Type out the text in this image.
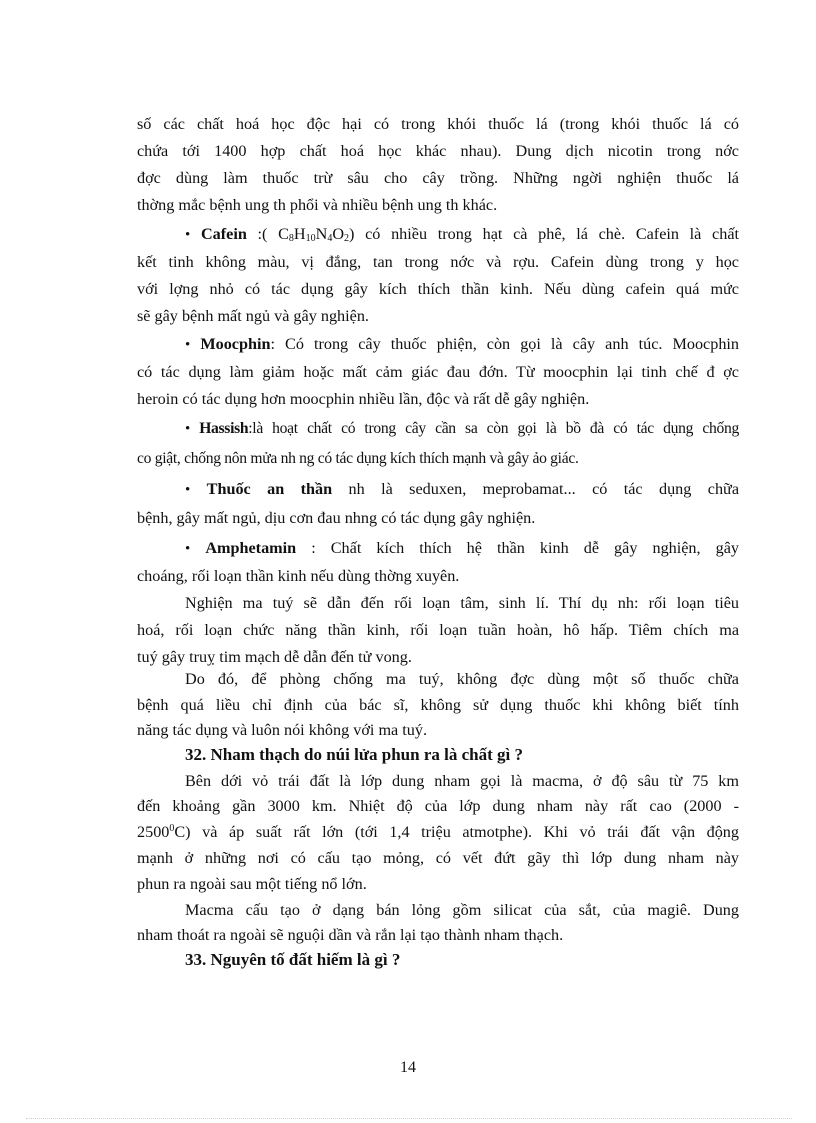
số các chất hoá học độc hại có trong khói thuốc lá (trong khói thuốc lá có
chứa tới 1400 hợp chất hoá học khác nhau). Dung dịch nicotin trong nớc
đợc dùng làm thuốc trừ sâu cho cây trồng. Những ngời nghiện thuốc lá
thờng mắc bệnh ung th phổi và nhiều bệnh ung th khác.
• Cafein :( $C_8H_{10}N_4O_2$) có nhiều trong hạt cà phê, lá chè. Cafein là chất
kết tinh không màu, vị đắng, tan trong nớc và rợu. Cafein dùng trong y học
với lợng nhỏ có tác dụng gây kích thích thần kinh. Nếu dùng cafein quá mức
sẽ gây bệnh mất ngủ và gây nghiện.
• Moocphin: Có trong cây thuốc phiện, còn gọi là cây anh túc. Moocphin
có tác dụng làm giảm hoặc mất cảm giác đau đớn. Từ moocphin lại tinh chế đ ợc
heroin có tác dụng hơn moocphin nhiều lần, độc và rất dễ gây nghiện.
• Hassish:là hoạt chất có trong cây cần sa còn gọi là bồ đà có tác dụng chống
co giật, chống nôn mửa nh ng có tác dụng kích thích mạnh và gây ảo giác.
• Thuốc an thần nh là seduxen, meprobamat... có tác dụng chữa
bệnh, gây mất ngủ, dịu cơn đau nhng có tác dụng gây nghiện.
• Amphetamin : Chất kích thích hệ thần kinh dễ gây nghiện, gây
choáng, rối loạn thần kinh nếu dùng thờng xuyên.
Nghiện ma tuý sẽ dẫn đến rối loạn tâm, sinh lí. Thí dụ nh: rối loạn tiêu
hoá, rối loạn chức năng thần kinh, rối loạn tuần hoàn, hô hấp. Tiêm chích ma
tuý gây truỵ tim mạch dễ dẫn đến tử vong.
Do đó, để phòng chống ma tuý, không đợc dùng một số thuốc chữa
bệnh quá liều chỉ định của bác sĩ, không sử dụng thuốc khi không biết tính
năng tác dụng và luôn nói không với ma tuý.
32. Nham thạch do núi lửa phun ra là chất gì ?
Bên dới vỏ trái đất là lớp dung nham gọi là macma, ở độ sâu từ 75 km
đến khoảng gần 3000 km. Nhiệt độ của lớp dung nham này rất cao (2000 -
2500$^0$C) và áp suất rất lớn (tới 1,4 triệu atmotphe). Khi vỏ trái đất vận động
mạnh ở những nơi có cấu tạo mỏng, có vết đứt gãy thì lớp dung nham này
phun ra ngoài sau một tiếng nổ lớn.
Macma cấu tạo ở dạng bán lỏng gồm silicat của sắt, của magiê. Dung
nham thoát ra ngoài sẽ nguội dần và rắn lại tạo thành nham thạch.
33. Nguyên tố đất hiếm là gì ?
14
